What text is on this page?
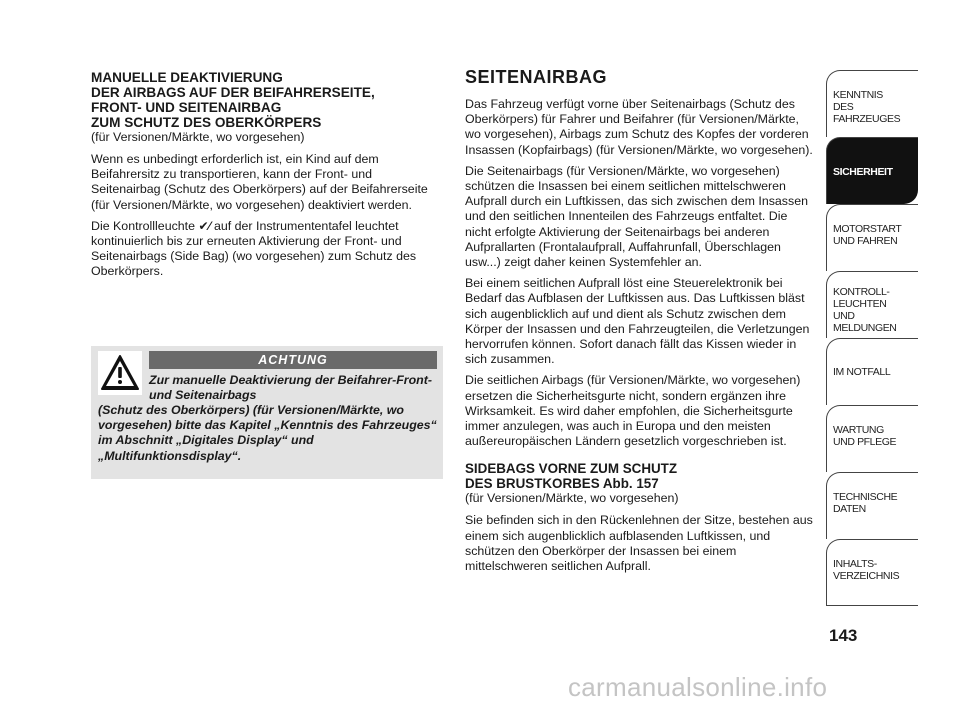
MANUELLE DEAKTIVIERUNG

DER AIRBAGS AUF DER BEIFAHRERSEITE,

FRONT- UND SEITENAIRBAG

ZUM SCHUTZ DES OBERKÖRPERS

(für Versionen/Märkte, wo vorgesehen)

Wenn es unbedingt erforderlich ist, ein Kind auf dem Beifahrersitz zu transportieren, kann der Front- und Seitenairbag (Schutz des Oberkörpers) auf der Beifahrerseite (für Versionen/Märkte, wo vorgesehen) deaktiviert werden.

Die Kontrollleuchte ✔⁄ auf der Instrumententafel leuchtet kontinuierlich bis zur erneuten Aktivierung der Front- und Seitenairbags (Side Bag) (wo vorgesehen) zum Schutz des Oberkörpers.

ACHTUNG
Zur manuelle Deaktivierung der Beifahrer-Front- und Seitenairbags
(Schutz des Oberkörpers) (für Versionen/Märkte, wo vorgesehen) bitte das Kapitel „Kenntnis des Fahrzeuges“ im Abschnitt „Digitales Display“ und „Multifunktionsdisplay“.
SEITENAIRBAG

Das Fahrzeug verfügt vorne über Seitenairbags (Schutz des Oberkörpers) für Fahrer und Beifahrer (für Versionen/Märkte, wo vorgesehen), Airbags zum Schutz des Kopfes der vorderen Insassen (Kopfairbags) (für Versionen/Märkte, wo vorgesehen).

Die Seitenairbags (für Versionen/Märkte, wo vorgesehen) schützen die Insassen bei einem seitlichen mittelschweren Aufprall durch ein Luftkissen, das sich zwischen dem Insassen und den seitlichen Innenteilen des Fahrzeugs entfaltet. Die nicht erfolgte Aktivierung der Seitenairbags bei anderen Aufprallarten (Frontalaufprall, Auffahrunfall, Überschlagen usw...) zeigt daher keinen Systemfehler an.

Bei einem seitlichen Aufprall löst eine Steuerelektronik bei Bedarf das Aufblasen der Luftkissen aus. Das Luftkissen bläst sich augenblicklich auf und dient als Schutz zwischen dem Körper der Insassen und den Fahrzeugteilen, die Verletzungen hervorrufen können. Sofort danach fällt das Kissen wieder in sich zusammen.

Die seitlichen Airbags (für Versionen/Märkte, wo vorgesehen) ersetzen die Sicherheitsgurte nicht, sondern ergänzen ihre Wirksamkeit. Es wird daher empfohlen, die Sicherheitsgurte immer anzulegen, was auch in Europa und den meisten außereuropäischen Ländern gesetzlich vorgeschrieben ist.

SIDEBAGS VORNE ZUM SCHUTZ

DES BRUSTKORBES Abb. 157

(für Versionen/Märkte, wo vorgesehen)

Sie befinden sich in den Rückenlehnen der Sitze, bestehen aus einem sich augenblicklich aufblasenden Luftkissen, und schützen den Oberkörper der Insassen bei einem mittelschweren seitlichen Aufprall.

KENNTNIS
DES FAHRZEUGES
SICHERHEIT
MOTORSTART
UND FAHREN
KONTROLL-
LEUCHTEN
UND MELDUNGEN
IM NOTFALL
WARTUNG
UND PFLEGE
TECHNISCHE
DATEN
INHALTS-
VERZEICHNIS
143
carmanualsonline.info
